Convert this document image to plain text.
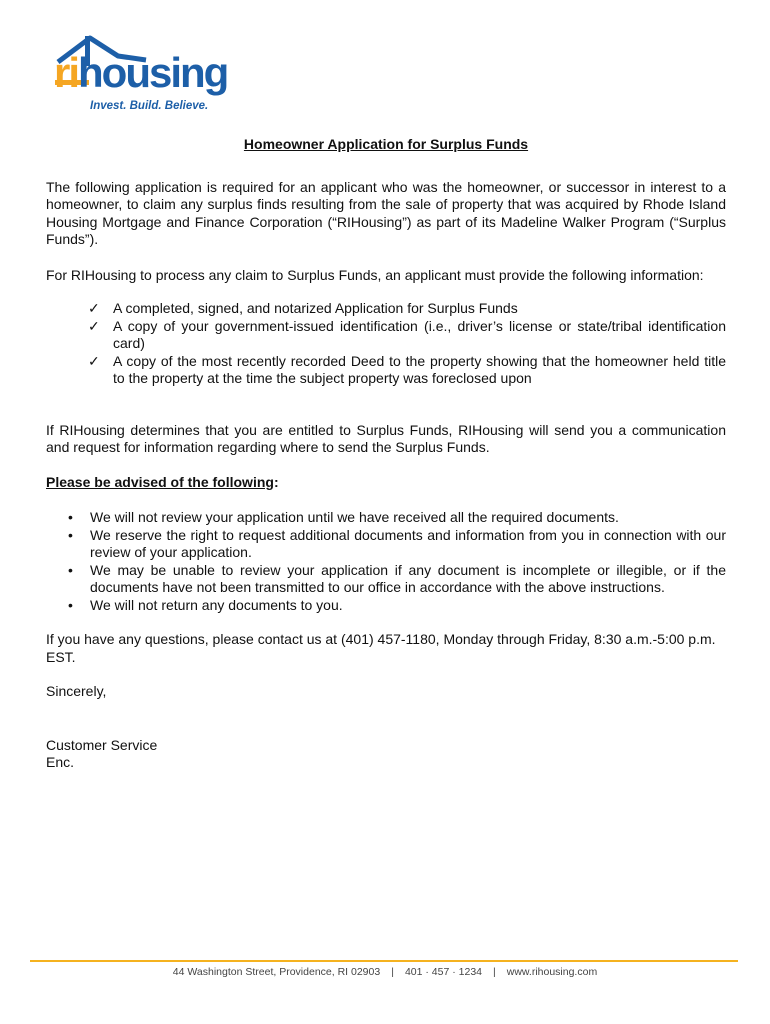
rihousing
Invest. Build. Believe.
Homeowner Application for Surplus Funds

The following application is required for an applicant who was the homeowner, or successor in interest to a homeowner, to claim any surplus finds resulting from the sale of property that was acquired by Rhode Island Housing Mortgage and Finance Corporation (“RIHousing”) as part of its Madeline Walker Program (“Surplus Funds”).

For RIHousing to process any claim to Surplus Funds, an applicant must provide the following information:

✓ A completed, signed, and notarized Application for Surplus Funds
✓ A copy of your government-issued identification (i.e., driver’s license or state/tribal identification card)
✓ A copy of the most recently recorded Deed to the property showing that the homeowner held title to the property at the time the subject property was foreclosed upon

If RIHousing determines that you are entitled to Surplus Funds, RIHousing will send you a communication and request for information regarding where to send the Surplus Funds.

Please be advised of the following:
• We will not review your application until we have received all the required documents.
• We reserve the right to request additional documents and information from you in connection with our review of your application.
• We may be unable to review your application if any document is incomplete or illegible, or if the documents have not been transmitted to our office in accordance with the above instructions.
• We will not return any documents to you.

If you have any questions, please contact us at (401) 457-1180, Monday through Friday, 8:30 a.m.-5:00 p.m. EST.

Sincerely,

Customer Service

Enc.

44 Washington Street, Providence, RI 02903 | 401 · 457 · 1234 | www.rihousing.com
